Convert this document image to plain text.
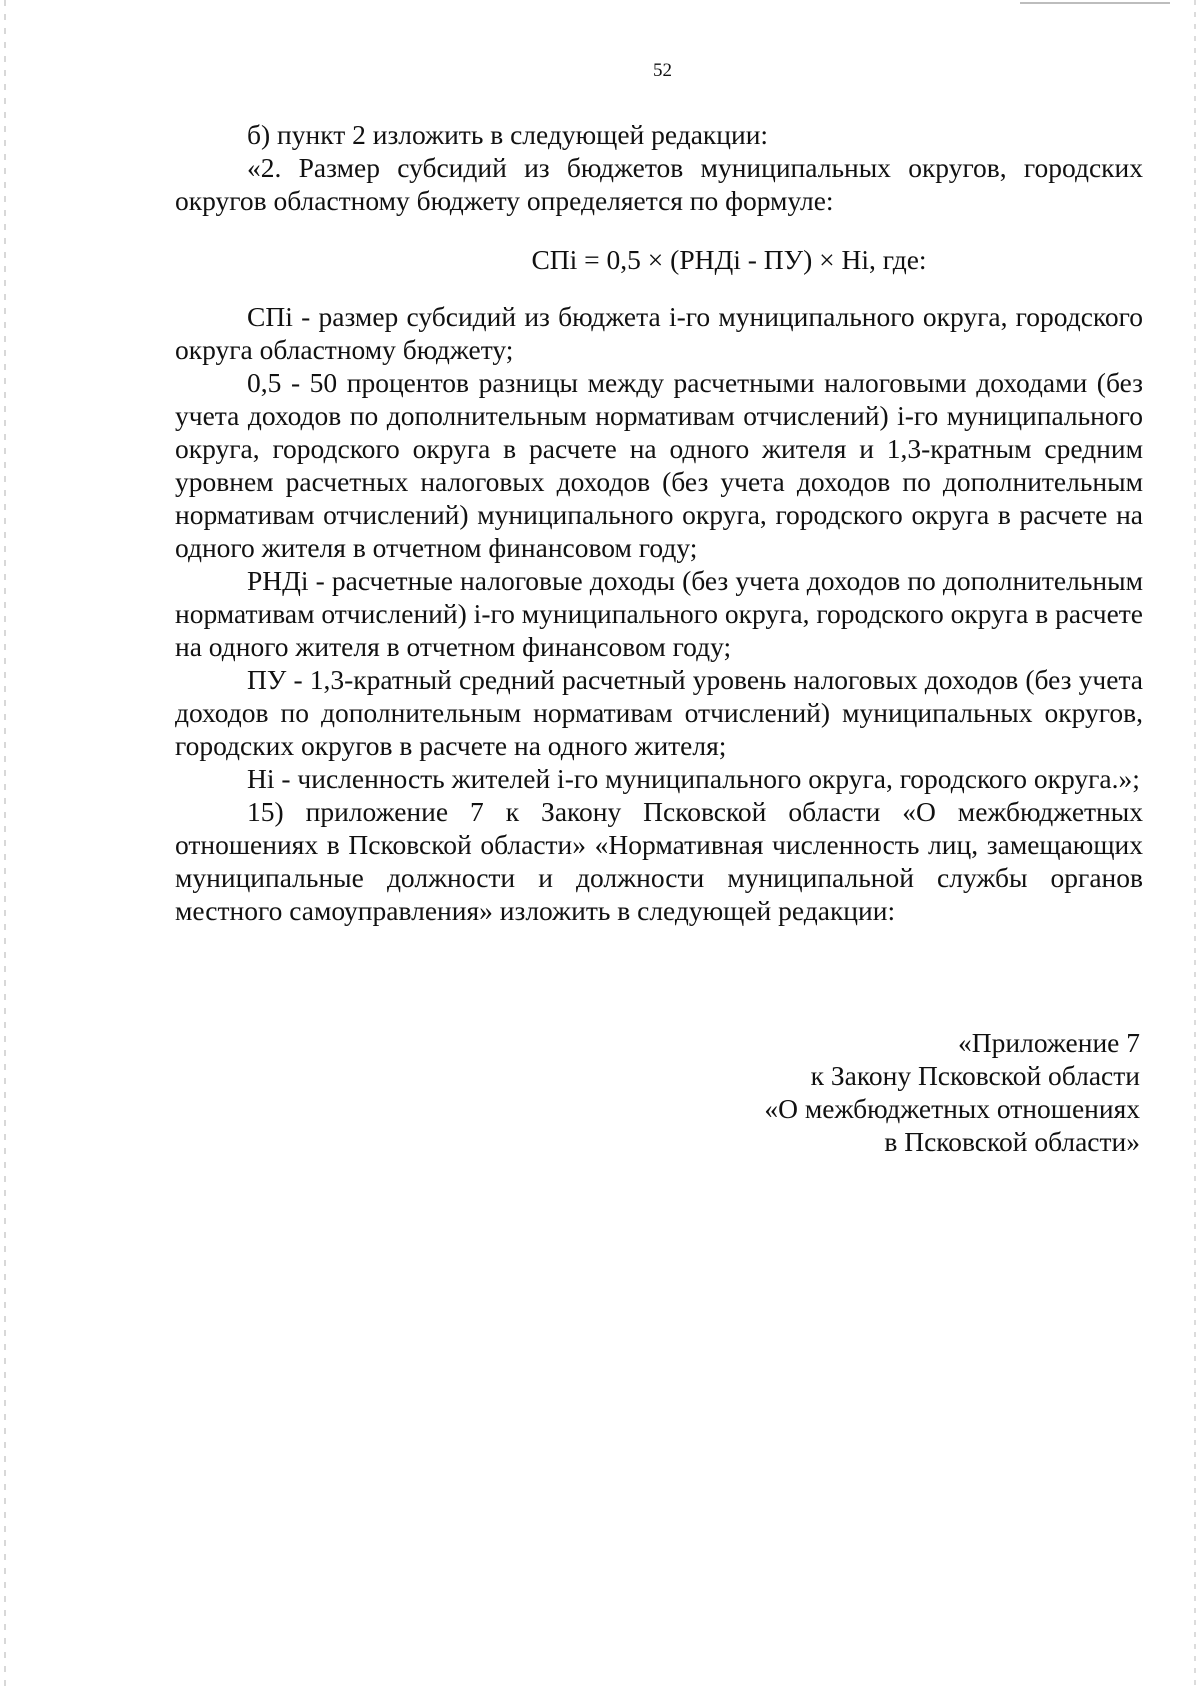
52

б) пункт 2 изложить в следующей редакции:

«2. Размер субсидий из бюджетов муниципальных округов, городских округов областному бюджету определяется по формуле:

СПi = 0,5 × (РНДi - ПУ) × Нi, где:

СПi - размер субсидий из бюджета i-го муниципального округа, городского округа областному бюджету;

0,5 - 50 процентов разницы между расчетными налоговыми доходами (без учета доходов по дополнительным нормативам отчислений) i-го муниципального округа, городского округа в расчете на одного жителя и 1,3-кратным средним уровнем расчетных налоговых доходов (без учета доходов по дополнительным нормативам отчислений) муниципального округа, городского округа в расчете на одного жителя в отчетном финансовом году;

РНДi - расчетные налоговые доходы (без учета доходов по дополнительным нормативам отчислений) i-го муниципального округа, городского округа в расчете на одного жителя в отчетном финансовом году;

ПУ - 1,3-кратный средний расчетный уровень налоговых доходов (без учета доходов по дополнительным нормативам отчислений) муниципальных округов, городских округов в расчете на одного жителя;

Нi - численность жителей i-го муниципального округа, городского округа.»;

15) приложение 7 к Закону Псковской области «О межбюджетных отношениях в Псковской области» «Нормативная численность лиц, замещающих муниципальные должности и должности муниципальной службы органов местного самоуправления» изложить в следующей редакции:

«Приложение 7
к Закону Псковской области
«О межбюджетных отношениях
в Псковской области»
